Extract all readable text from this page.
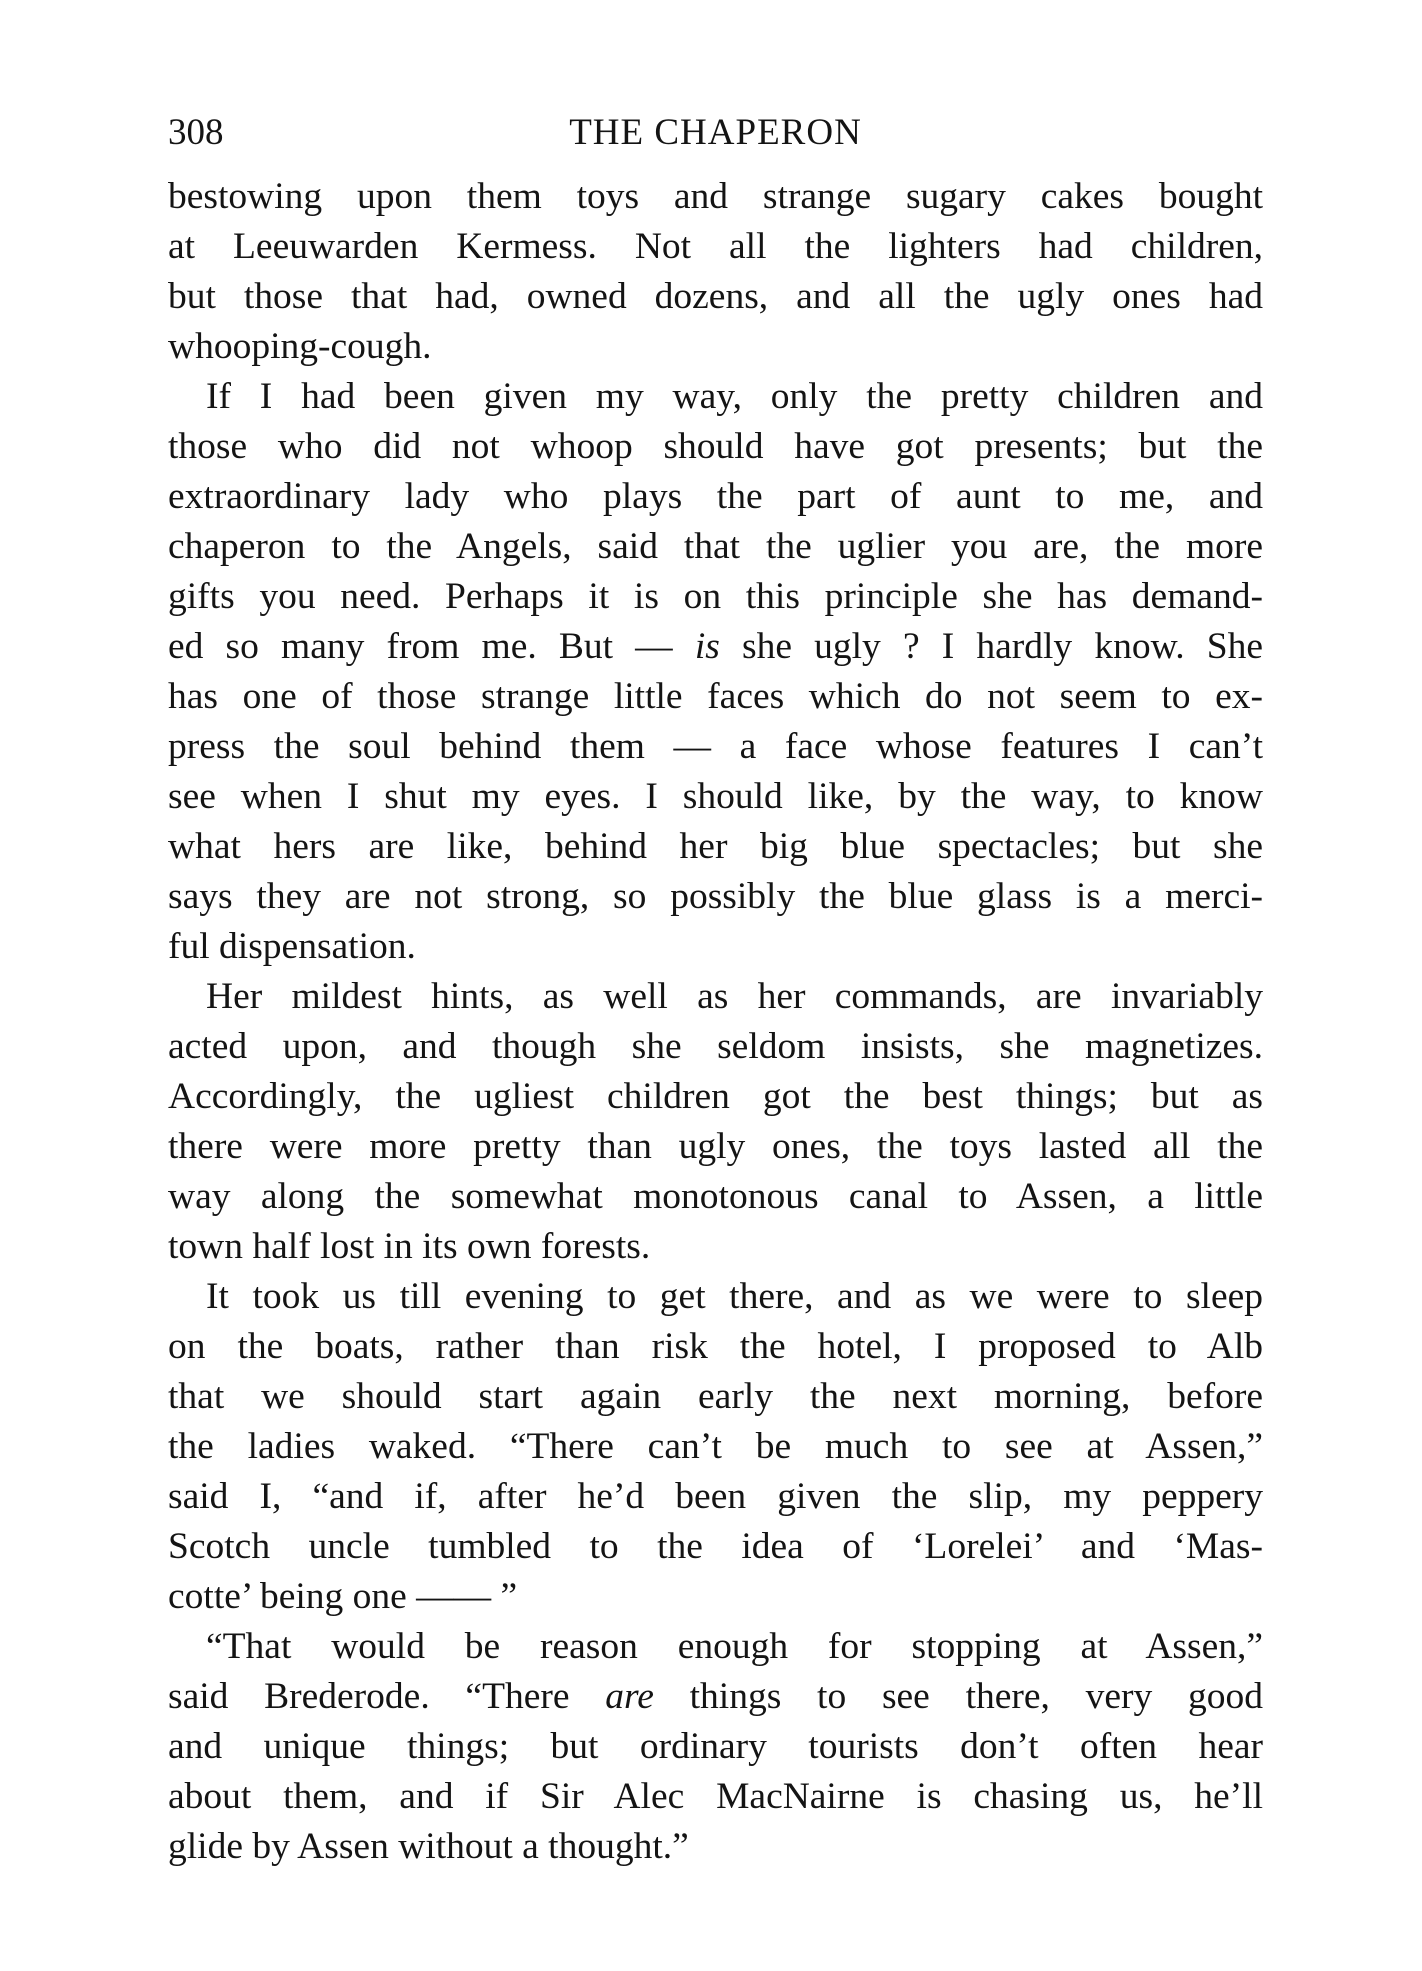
308	THE CHAPERON
bestowing upon them toys and strange sugary cakes bought
at Leeuwarden Kermess. Not all the lighters had children,
but those that had, owned dozens, and all the ugly ones had
whooping-cough.
If I had been given my way, only the pretty children and
those who did not whoop should have got presents; but the
extraordinary lady who plays the part of aunt to me, and
chaperon to the Angels, said that the uglier you are, the more
gifts you need. Perhaps it is on this principle she has demand-
ed so many from me. But — is she ugly ? I hardly know. She
has one of those strange little faces which do not seem to ex-
press the soul behind them — a face whose features I can’t
see when I shut my eyes. I should like, by the way, to know
what hers are like, behind her big blue spectacles; but she
says they are not strong, so possibly the blue glass is a merci-
ful dispensation.
Her mildest hints, as well as her commands, are invariably
acted upon, and though she seldom insists, she magnetizes.
Accordingly, the ugliest children got the best things; but as
there were more pretty than ugly ones, the toys lasted all the
way along the somewhat monotonous canal to Assen, a little
town half lost in its own forests.
It took us till evening to get there, and as we were to sleep
on the boats, rather than risk the hotel, I proposed to Alb
that we should start again early the next morning, before
the ladies waked. “There can’t be much to see at Assen,”
said I, “and if, after he’d been given the slip, my peppery
Scotch uncle tumbled to the idea of ‘Lorelei’ and ‘Mas-
cotte’ being one —— ”
“That would be reason enough for stopping at Assen,”
said Brederode. “There are things to see there, very good
and unique things; but ordinary tourists don’t often hear
about them, and if Sir Alec MacNairne is chasing us, he’ll
glide by Assen without a thought.”
